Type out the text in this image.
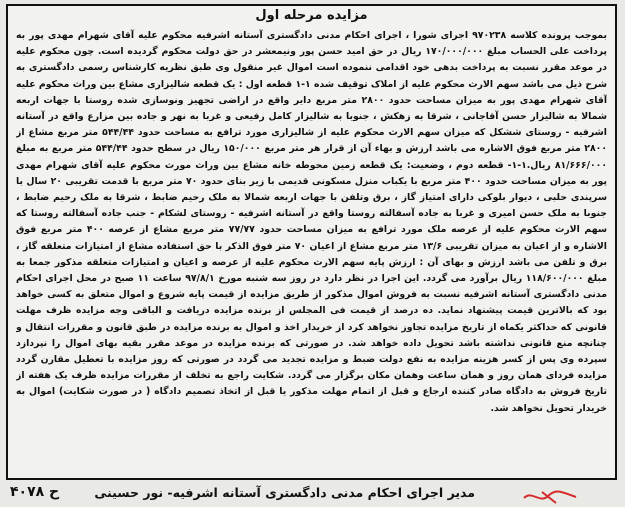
مزایده مرحله اول
بموجب پرونده کلاسه ۹۷۰۲۳۸ اجرای شورا ، اجرای احکام مدنی دادگستری آستانه اشرفیه محکوم علیه آقای شهرام مهدی پور به پرداخت علی الحساب مبلغ ۱۷۰/۰۰۰/۰۰۰ ریال در حق امید حسن پور ونیمعشر در حق دولت محکوم گردیده است. چون محکوم علیه در موعد مقرر نسبت به پرداخت بدهی خود اقدامی ننموده است اموال غیر منقول وی طبق نظریه کارشناس رسمی دادگستری به شرح ذیل می باشد سهم الارث محکوم علیه از املاک توقیف شده ۱-۱ قطعه اول : یک قطعه شالیزاری مشاع بین وراث محکوم علیه آقای شهرام مهدی پور به میزان مساحت حدود ۲۸۰۰ متر مربع دایر واقع در اراضی تجهیز ونوسازی شده روستا با جهات اربعه شمالا به شالیزار حسن آقاجانی ، شرقا به زهکش ، جنوبا به شالیزار کامل رفیعی و غربا به نهر و جاده بین مزارع واقع در آستانه اشرفیه - روستای ششکل که میزان سهم الارث محکوم علیه از شالیزاری مورد ترافع به مساحت حدود ۵۴۴/۴۴ متر مربع مشاع از ۲۸۰۰ متر مربع فوق الاشاره می باشد ارزش و بهاء آن از قرار هر متر مربع ۱۵۰/۰۰۰ ریال در سطح حدود ۵۴۴/۴۴ متر مربع به مبلغ ۸۱/۶۶۶/۰۰۰ ریال.۱-۱- قطعه دوم ، وضعیت: یک قطعه زمین محوطه خانه مشاع بین وراث مورث محکوم علیه آقای شهرام مهدی پور به میزان مساحت حدود ۴۰۰ متر مربع با یکباب منزل مسکونی قدیمی با زیر بنای حدود ۷۰ متر مربع با قدمت تقریبی ۲۰ سال با سرپندی حلبی ، دیوار بلوکی دارای امتیاز گاز ، برق وتلفن با جهات اربعه شمالا به ملک رحیم ضابط ، شرقا به ملک رحیم ضابط ، جنوبا به ملک حسن امیری و غربا به جاده آسفالته روستا واقع در آستانه اشرفیه - روستای لشکام - جنب جاده آسفالته روستا که سهم الارث محکوم علیه از عرصه ملک مورد ترافع به میزان مساحت حدود ۷۷/۷۷ متر مربع مشاع از عرصه ۴۰۰ متر مربع فوق الاشاره و از اعیان به میزان تقریبی ۱۳/۶ متر مربع مشاع از اعیان ۷۰ متر فوق الذکر با حق استفاده مشاع از امتیازات متعلقه گاز ، برق و تلفن می باشد ارزش و بهای آن : ارزش پایه سهم الارث محکوم علیه از عرصه و اعیان و امتیازات متعلقه مذکور جمعا به مبلغ ۱۱۸/۶۰۰/۰۰۰ ریال برآورد می گردد. این اجرا در نظر دارد در روز سه شنبه مورخ ۹۷/۸/۱ ساعت ۱۱ صبح در محل اجرای احکام مدنی دادگستری آستانه اشرفیه نسبت به فروش اموال مذکور از طریق مزایده از قیمت پایه شروع و اموال متعلق به کسی خواهد بود که بالاترین قیمت پیشنهاد نماید. ده درصد از قیمت فی المجلس از برنده مزایده دریافت و الباقی وجه مزایده ظرف مهلت قانونی که حداکثر یکماه از تاریخ مزایده تجاوز نخواهد کرد از خریدار اخذ و اموال به برنده مزایده در طبق قانون و مقررات انتقال و چنانچه منع قانونی نداشته باشد تحویل داده خواهد شد. در صورتی که برنده مزایده در موعد مقرر بقیه بهای اموال را نپردازد سپرده وی پس از کسر هزینه مزایده به نفع دولت ضبط و مزایده تجدید می گردد در صورتی که روز مزایده با تعطیل مقارن گردد مزایده فردای همان روز و همان ساعت وهمان مکان برگزار می گردد. شکایت راجع به تخلف از مقررات مزایده ظرف یک هفته از تاریخ فروش به دادگاه صادر کننده ارجاع و قبل از اتمام مهلت مذکور یا قبل از اتخاذ تصمیم دادگاه ( در صورت شکایت) اموال به خریدار تحویل نخواهد شد.
ح ۴۰۷۸	مدیر اجرای احکام مدنی دادگستری آستانه اشرفیه- نور حسینی
